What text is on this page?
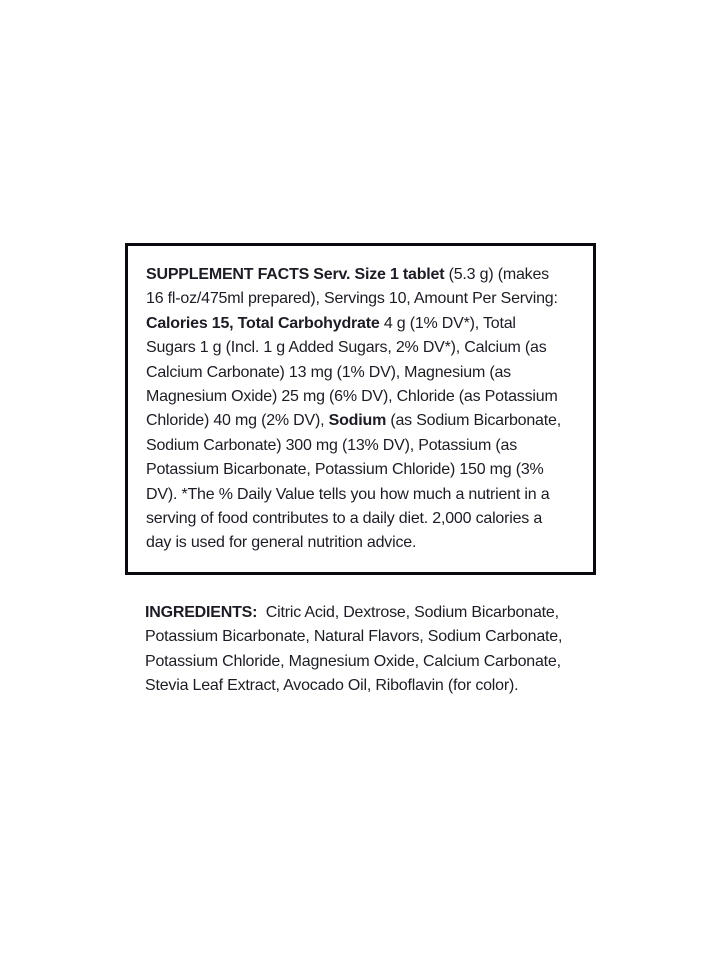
SUPPLEMENT FACTS Serv. Size 1 tablet (5.3 g) (makes
16 fl-oz/475ml prepared), Servings 10, Amount Per Serving:
Calories 15, Total Carbohydrate 4 g (1% DV*), Total
Sugars 1 g (Incl. 1 g Added Sugars, 2% DV*), Calcium (as
Calcium Carbonate) 13 mg (1% DV), Magnesium (as
Magnesium Oxide) 25 mg (6% DV), Chloride (as Potassium
Chloride) 40 mg (2% DV), Sodium (as Sodium Bicarbonate,
Sodium Carbonate) 300 mg (13% DV), Potassium (as
Potassium Bicarbonate, Potassium Chloride) 150 mg (3%
DV). *The % Daily Value tells you how much a nutrient in a
serving of food contributes to a daily diet. 2,000 calories a
day is used for general nutrition advice.
INGREDIENTS:  Citric Acid, Dextrose, Sodium Bicarbonate,
Potassium Bicarbonate, Natural Flavors, Sodium Carbonate,
Potassium Chloride, Magnesium Oxide, Calcium Carbonate,
Stevia Leaf Extract, Avocado Oil, Riboflavin (for color).
